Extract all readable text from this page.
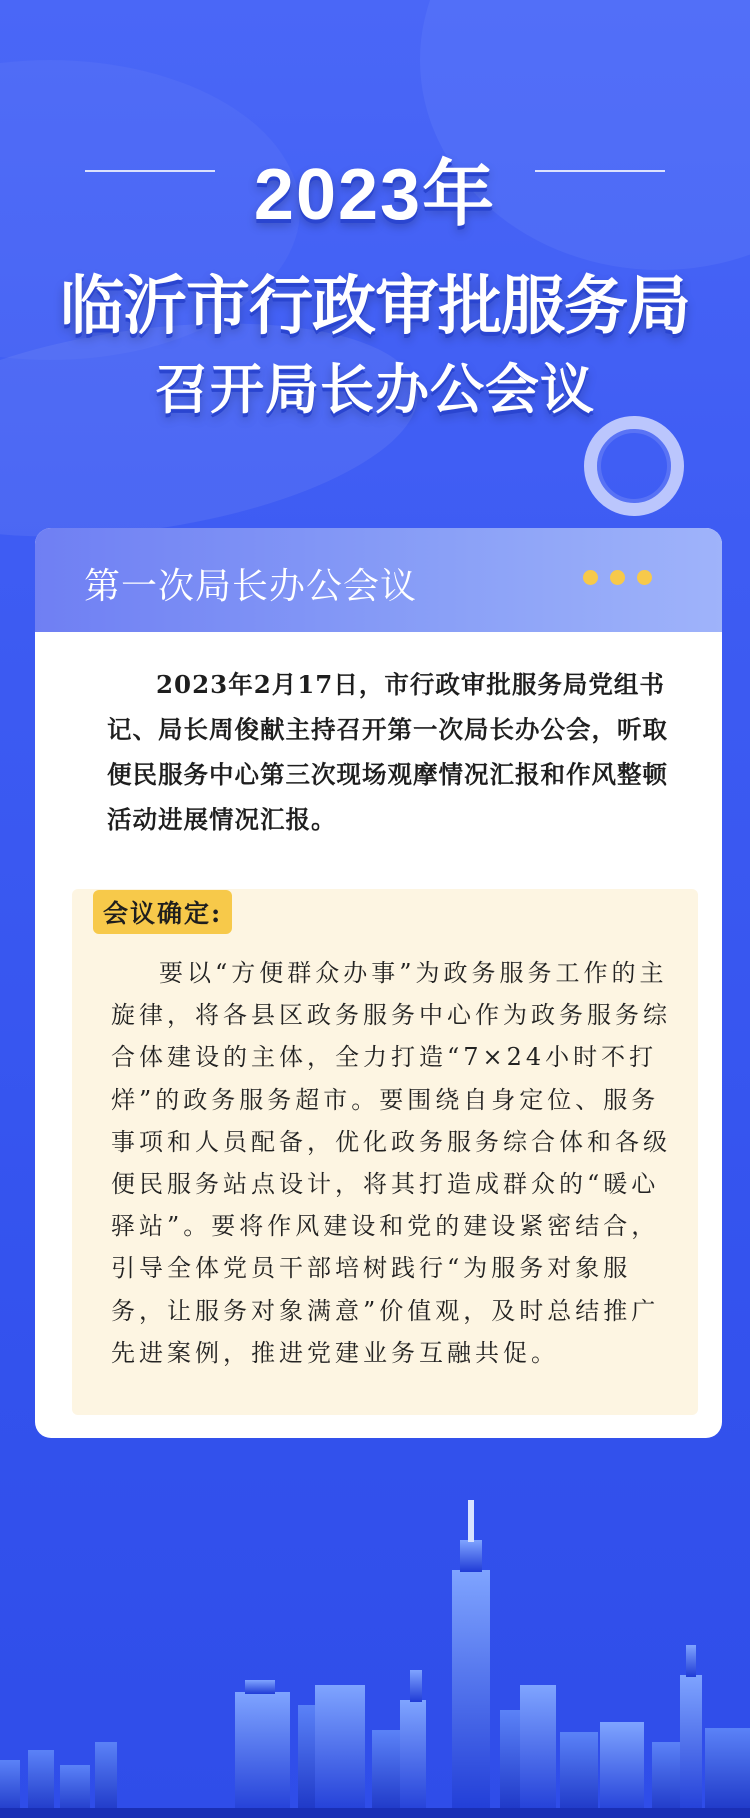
2023年
临沂市行政审批服务局
召开局长办公会议
第一次局长办公会议
2023年2月17日，市行政审批服务局党组书记、局长周俊献主持召开第一次局长办公会，听取便民服务中心第三次现场观摩情况汇报和作风整顿活动进展情况汇报。
会议确定:
要以“方便群众办事”为政务服务工作的主旋律，将各县区政务服务中心作为政务服务综合体建设的主体，全力打造“7×24小时不打烊”的政务服务超市。要围绕自身定位、服务事项和人员配备，优化政务服务综合体和各级便民服务站点设计，将其打造成群众的“暖心驿站”。要将作风建设和党的建设紧密结合，引导全体党员干部培树践行“为服务对象服务，让服务对象满意”价值观，及时总结推广先进案例，推进党建业务互融共促。
